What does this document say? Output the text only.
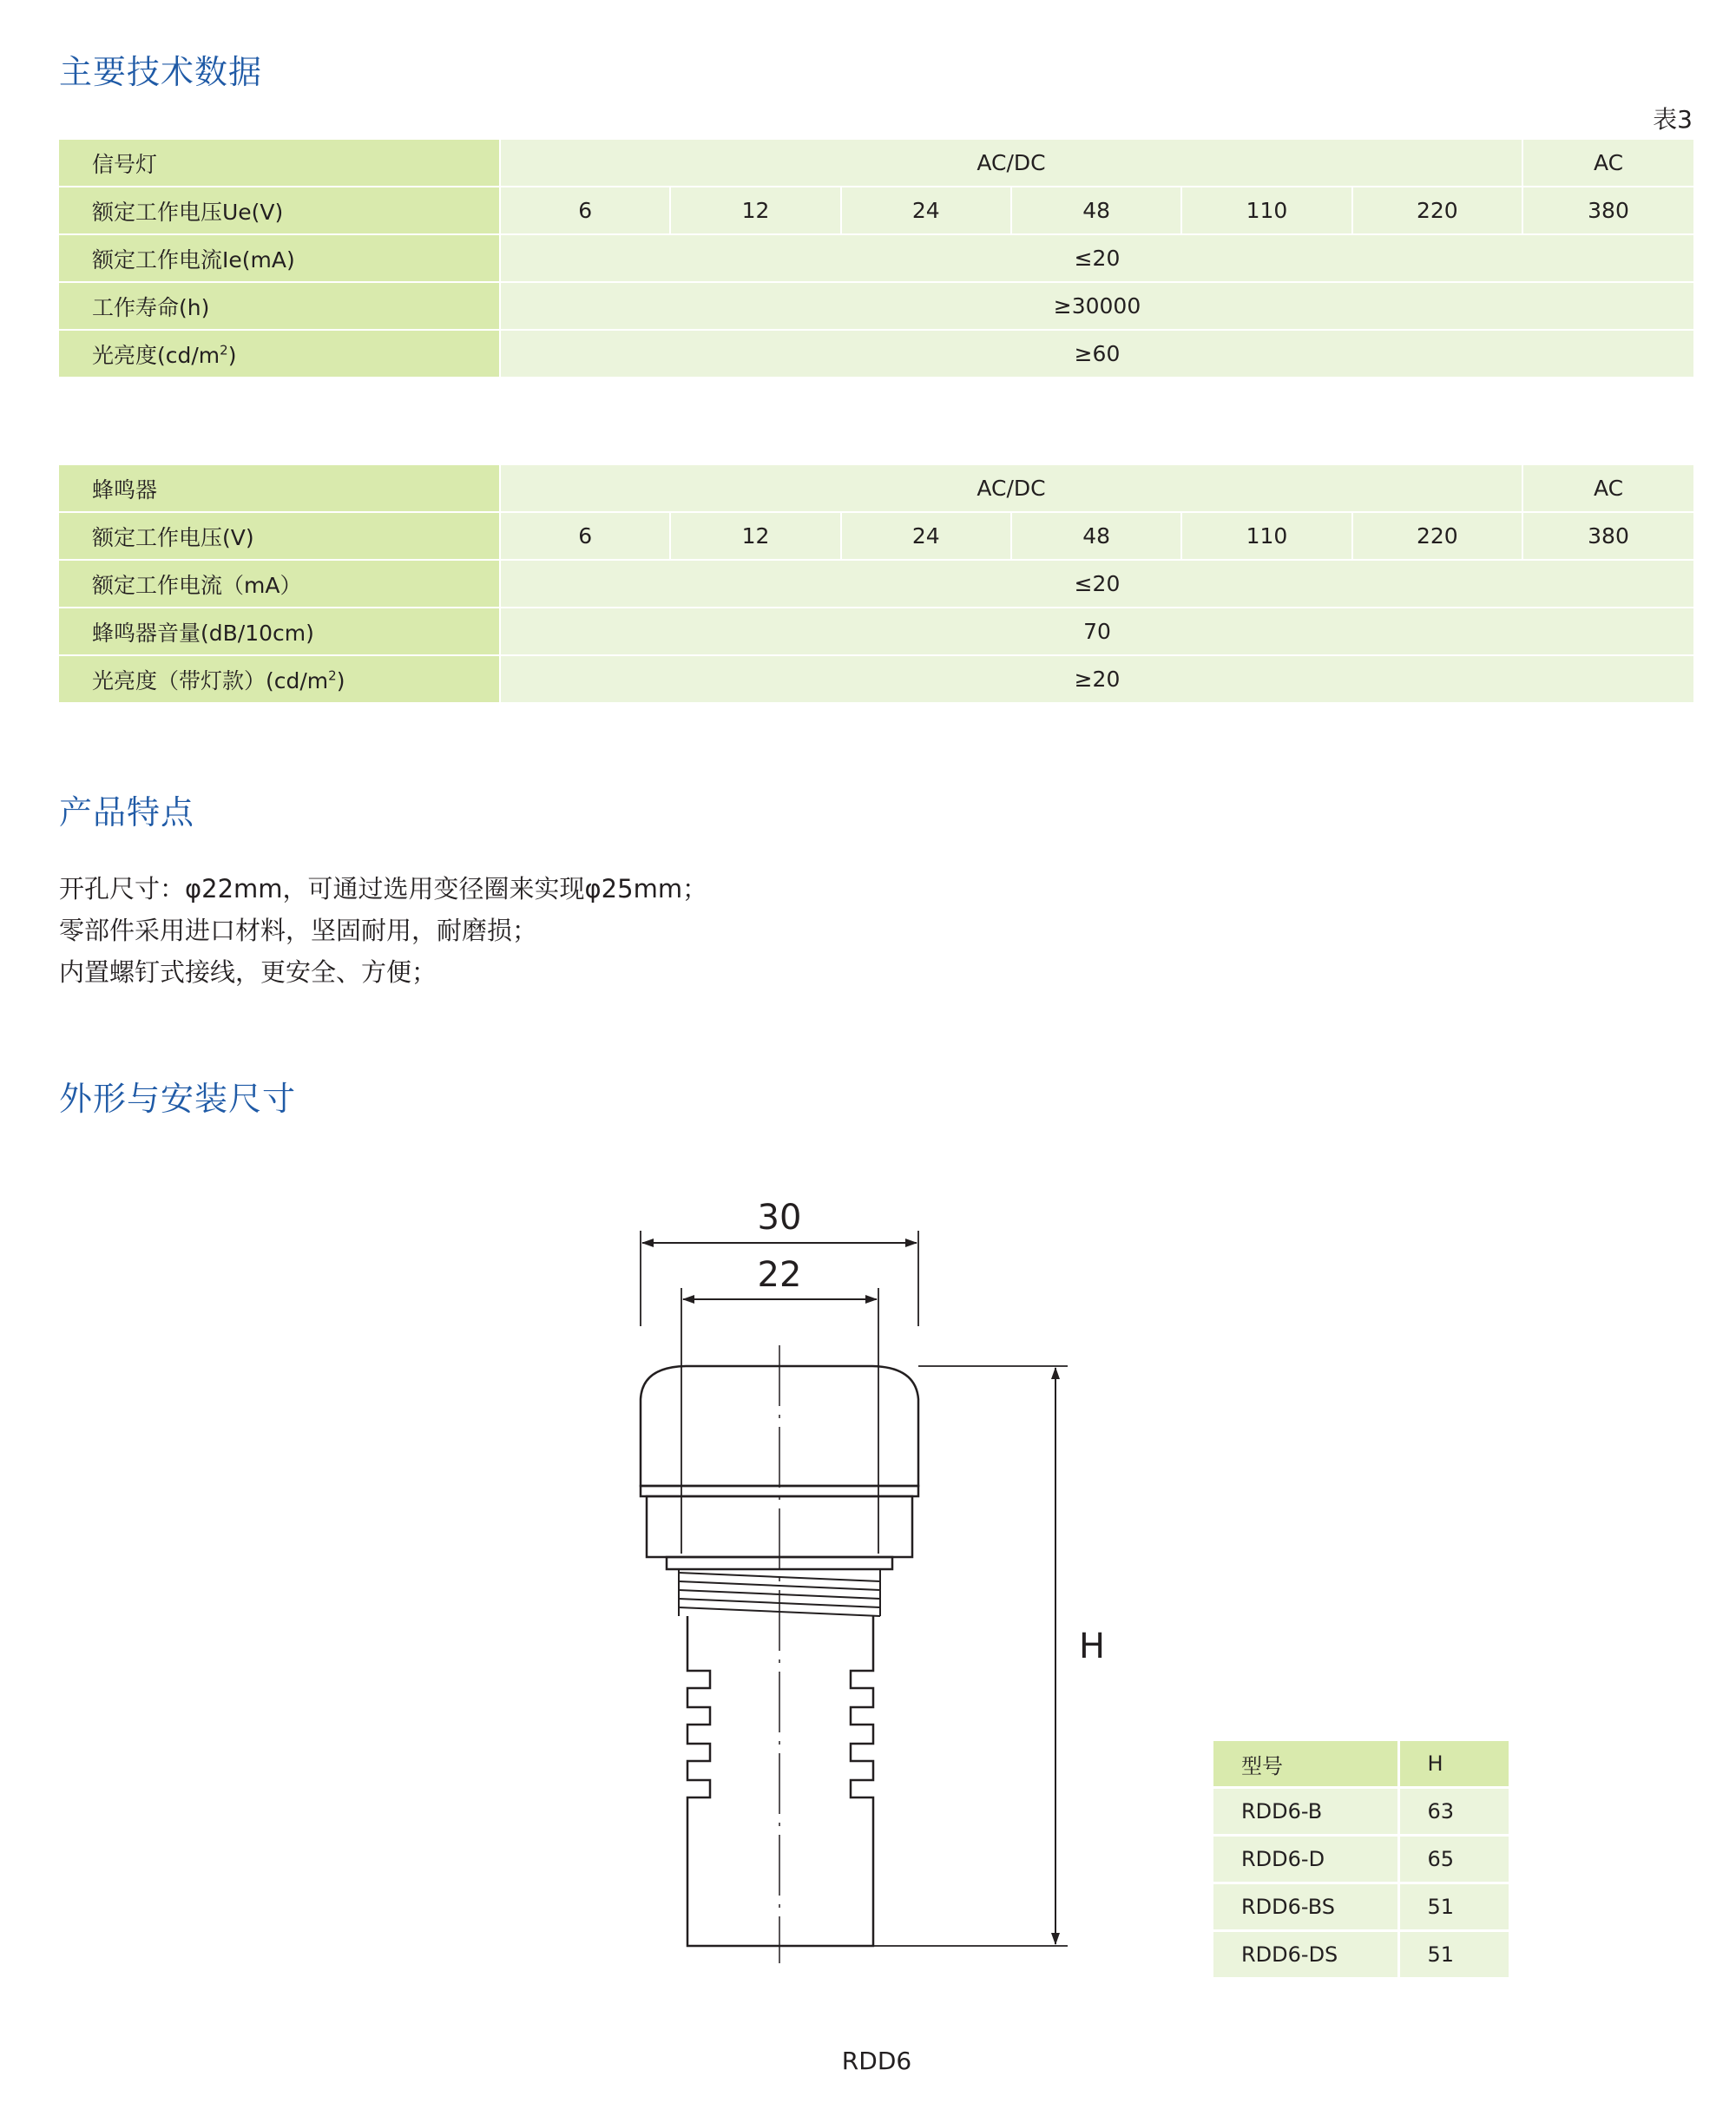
主要技术数据
表3
信号灯	AC/DC						AC
额定工作电压Ue(V)	6	12	24	48	110	220	380
额定工作电流Ie(mA)	≤20						
工作寿命(h)	≥30000						
光亮度$(cd/m^2)$	≥60						
蜂鸣器	AC/DC						AC
额定工作电压(V)	6	12	24	48	110	220	380
额定工作电流（mA）	≤20						
蜂鸣器音量(dB/10cm)	70						
光亮度（带灯款）$(cd/m^2)$	≥20						
产品特点
开孔尺寸：φ22mm，可通过选用变径圈来实现φ25mm；
零部件采用进口材料，坚固耐用，耐磨损；
内置螺钉式接线，更安全、方便；
外形与安装尺寸
30
22
H
型号	H
RDD6-B	63
RDD6-D	65
RDD6-BS	51
RDD6-DS	51
RDD6
